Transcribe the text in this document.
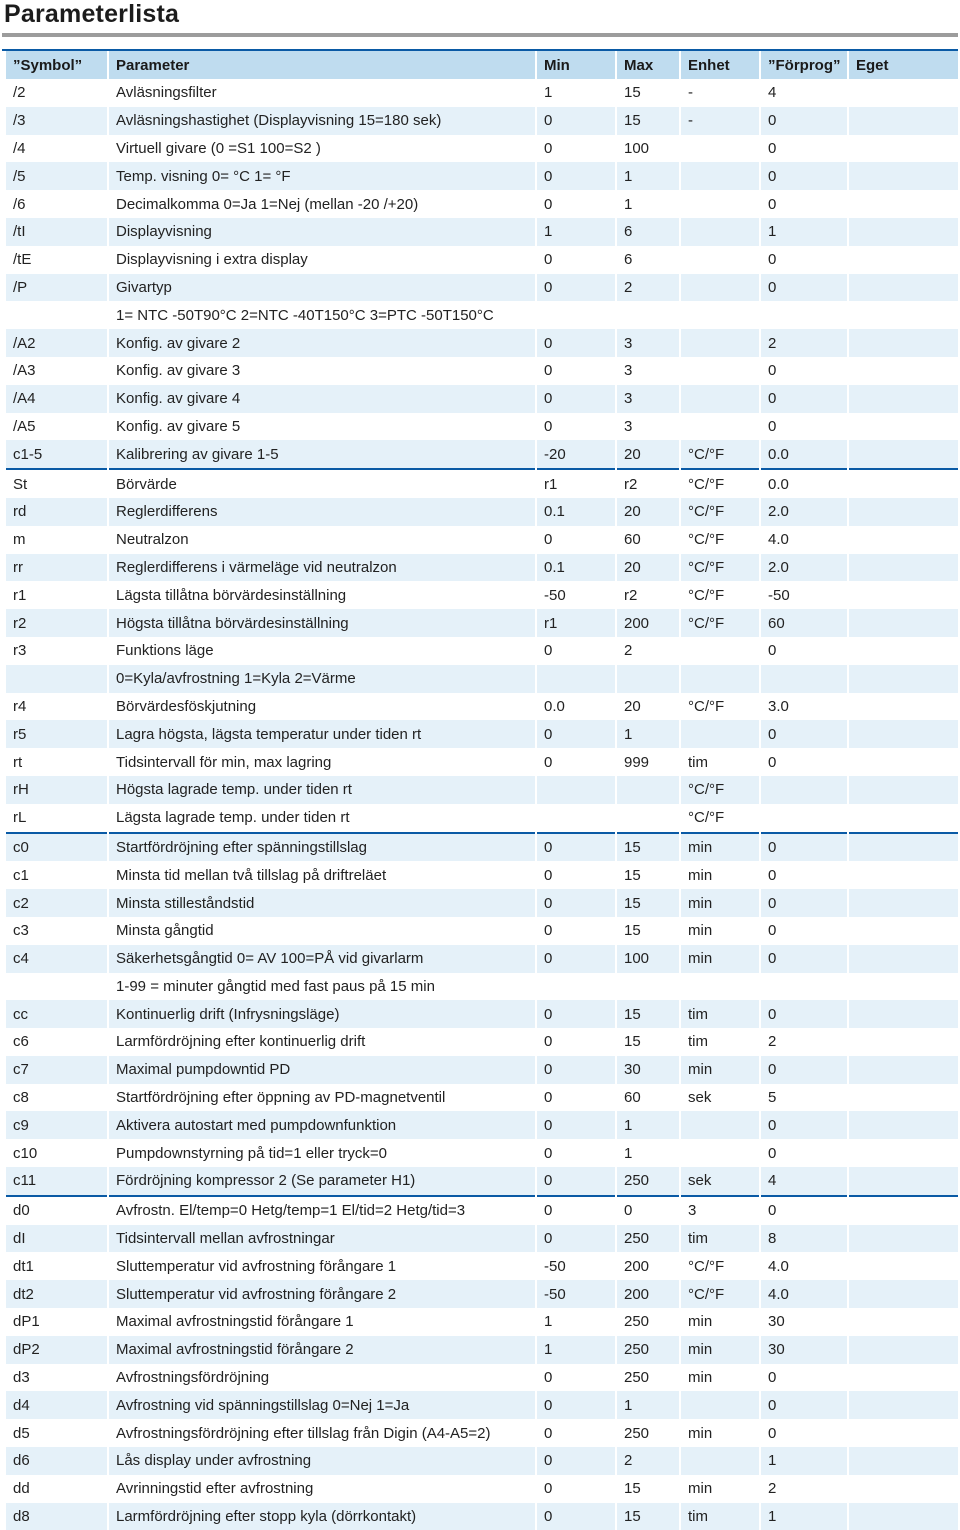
Parameterlista
”Symbol”	Parameter	Min	Max	Enhet	”Förprog”	Eget
/2	Avläsningsfilter	1	15	-	4	
/3	Avläsningshastighet (Displayvisning 15=180 sek)	0	15	-	0	
/4	Virtuell givare (0 =S1 100=S2 )	0	100		0	
/5	Temp. visning 0= °C 1= °F	0	1		0	
/6	Decimalkomma 0=Ja 1=Nej (mellan -20 /+20)	0	1		0	
/tI	Displayvisning	1	6		1	
/tE	Displayvisning i extra display	0	6		0	
/P	Givartyp	0	2		0	
	1= NTC -50T90°C 2=NTC -40T150°C 3=PTC -50T150°C					
/A2	Konfig. av givare 2	0	3		2	
/A3	Konfig. av givare 3	0	3		0	
/A4	Konfig. av givare 4	0	3		0	
/A5	Konfig. av givare 5	0	3		0	
c1-5	Kalibrering av givare 1-5	-20	20	°C/°F	0.0	
St	Börvärde	r1	r2	°C/°F	0.0	
rd	Reglerdifferens	0.1	20	°C/°F	2.0	
m	Neutralzon	0	60	°C/°F	4.0	
rr	Reglerdifferens i värmeläge vid neutralzon	0.1	20	°C/°F	2.0	
r1	Lägsta tillåtna börvärdesinställning	-50	r2	°C/°F	-50	
r2	Högsta tillåtna börvärdesinställning	r1	200	°C/°F	60	
r3	Funktions läge	0	2		0	
	0=Kyla/avfrostning 1=Kyla 2=Värme					
r4	Börvärdesföskjutning	0.0	20	°C/°F	3.0	
r5	Lagra högsta, lägsta temperatur under tiden rt	0	1		0	
rt	Tidsintervall för min, max lagring	0	999	tim	0	
rH	Högsta lagrade temp. under tiden rt			°C/°F		
rL	Lägsta lagrade temp. under tiden rt			°C/°F		
c0	Startfördröjning efter spänningstillslag	0	15	min	0	
c1	Minsta tid mellan två tillslag på driftreläet	0	15	min	0	
c2	Minsta stilleståndstid	0	15	min	0	
c3	Minsta gångtid	0	15	min	0	
c4	Säkerhetsgångtid 0= AV 100=PÅ vid givarlarm	0	100	min	0	
	1-99 = minuter gångtid med fast paus på 15 min					
cc	Kontinuerlig drift (Infrysningsläge)	0	15	tim	0	
c6	Larmfördröjning efter kontinuerlig drift	0	15	tim	2	
c7	Maximal pumpdowntid PD	0	30	min	0	
c8	Startfördröjning efter öppning av PD-magnetventil	0	60	sek	5	
c9	Aktivera autostart med pumpdownfunktion	0	1		0	
c10	Pumpdownstyrning på tid=1 eller tryck=0	0	1		0	
c11	Fördröjning kompressor 2 (Se parameter H1)	0	250	sek	4	
d0	Avfrostn. El/temp=0 Hetg/temp=1 El/tid=2 Hetg/tid=3	0	0	3	0	
dI	Tidsintervall mellan avfrostningar	0	250	tim	8	
dt1	Sluttemperatur vid avfrostning förångare 1	-50	200	°C/°F	4.0	
dt2	Sluttemperatur vid avfrostning förångare 2	-50	200	°C/°F	4.0	
dP1	Maximal avfrostningstid förångare 1	1	250	min	30	
dP2	Maximal avfrostningstid förångare 2	1	250	min	30	
d3	Avfrostningsfördröjning	0	250	min	0	
d4	Avfrostning vid spänningstillslag 0=Nej 1=Ja	0	1		0	
d5	Avfrostningsfördröjning efter tillslag från Digin (A4-A5=2)	0	250	min	0	
d6	Lås display under avfrostning	0	2		1	
dd	Avrinningstid efter avfrostning	0	15	min	2	
d8	Larmfördröjning efter stopp kyla (dörrkontakt)	0	15	tim	1	
